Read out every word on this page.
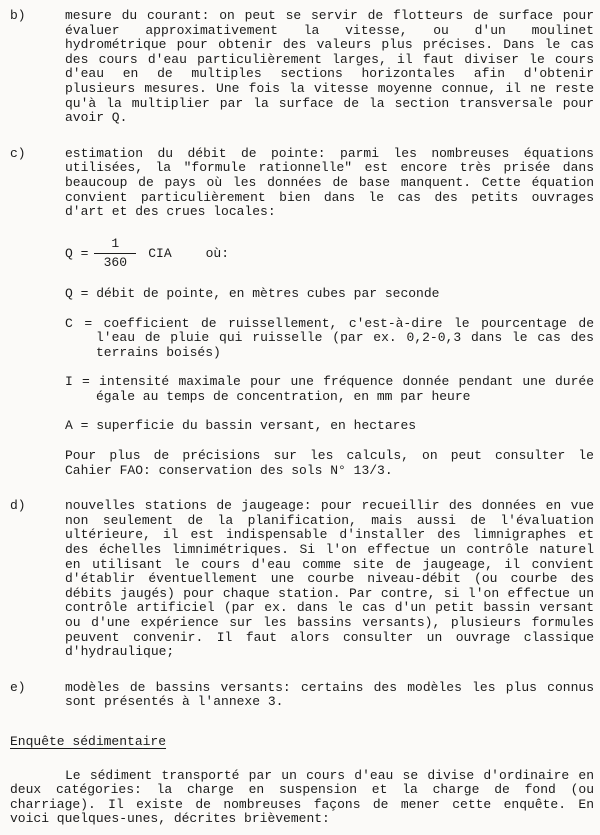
b)	mesure du courant: on peut se servir de flotteurs de surface pour évaluer approximativement la vitesse, ou d'un moulinet hydrométrique pour obtenir des valeurs plus précises. Dans le cas des cours d'eau particulièrement larges, il faut diviser le cours d'eau en de multiples sections horizontales afin d'obtenir plusieurs mesures. Une fois la vitesse moyenne connue, il ne reste qu'à la multiplier par la surface de la section transversale pour avoir Q.

c)	estimation du débit de pointe: parmi les nombreuses équations utilisées, la "formule rationnelle" est encore très prisée dans beaucoup de pays où les données de base manquent. Cette équation convient particulièrement bien dans le cas des petits ouvrages d'art et des crues locales:

$Q = \frac{1}{360}$ CIA	où:

Q = débit de pointe, en mètres cubes par seconde

C = coefficient de ruissellement, c'est-à-dire le pourcentage de l'eau de pluie qui ruisselle (par ex. 0,2-0,3 dans le cas des terrains boisés)

I = intensité maximale pour une fréquence donnée pendant une durée égale au temps de concentration, en mm par heure

A = superficie du bassin versant, en hectares

Pour plus de précisions sur les calculs, on peut consulter le Cahier FAO: conservation des sols N° 13/3.

d)	nouvelles stations de jaugeage: pour recueillir des données en vue non seulement de la planification, mais aussi de l'évaluation ultérieure, il est indispensable d'installer des limnigraphes et des échelles limnimétriques. Si l'on effectue un contrôle naturel en utilisant le cours d'eau comme site de jaugeage, il convient d'établir éventuellement une courbe niveau-débit (ou courbe des débits jaugés) pour chaque station. Par contre, si l'on effectue un contrôle artificiel (par ex. dans le cas d'un petit bassin versant ou d'une expérience sur les bassins versants), plusieurs formules peuvent convenir. Il faut alors consulter un ouvrage classique d'hydraulique;

e)	modèles de bassins versants: certains des modèles les plus connus sont présentés à l'annexe 3.

Enquête sédimentaire

Le sédiment transporté par un cours d'eau se divise d'ordinaire en deux catégories: la charge en suspension et la charge de fond (ou charriage). Il existe de nombreuses façons de mener cette enquête. En voici quelques-unes, décrites brièvement:
